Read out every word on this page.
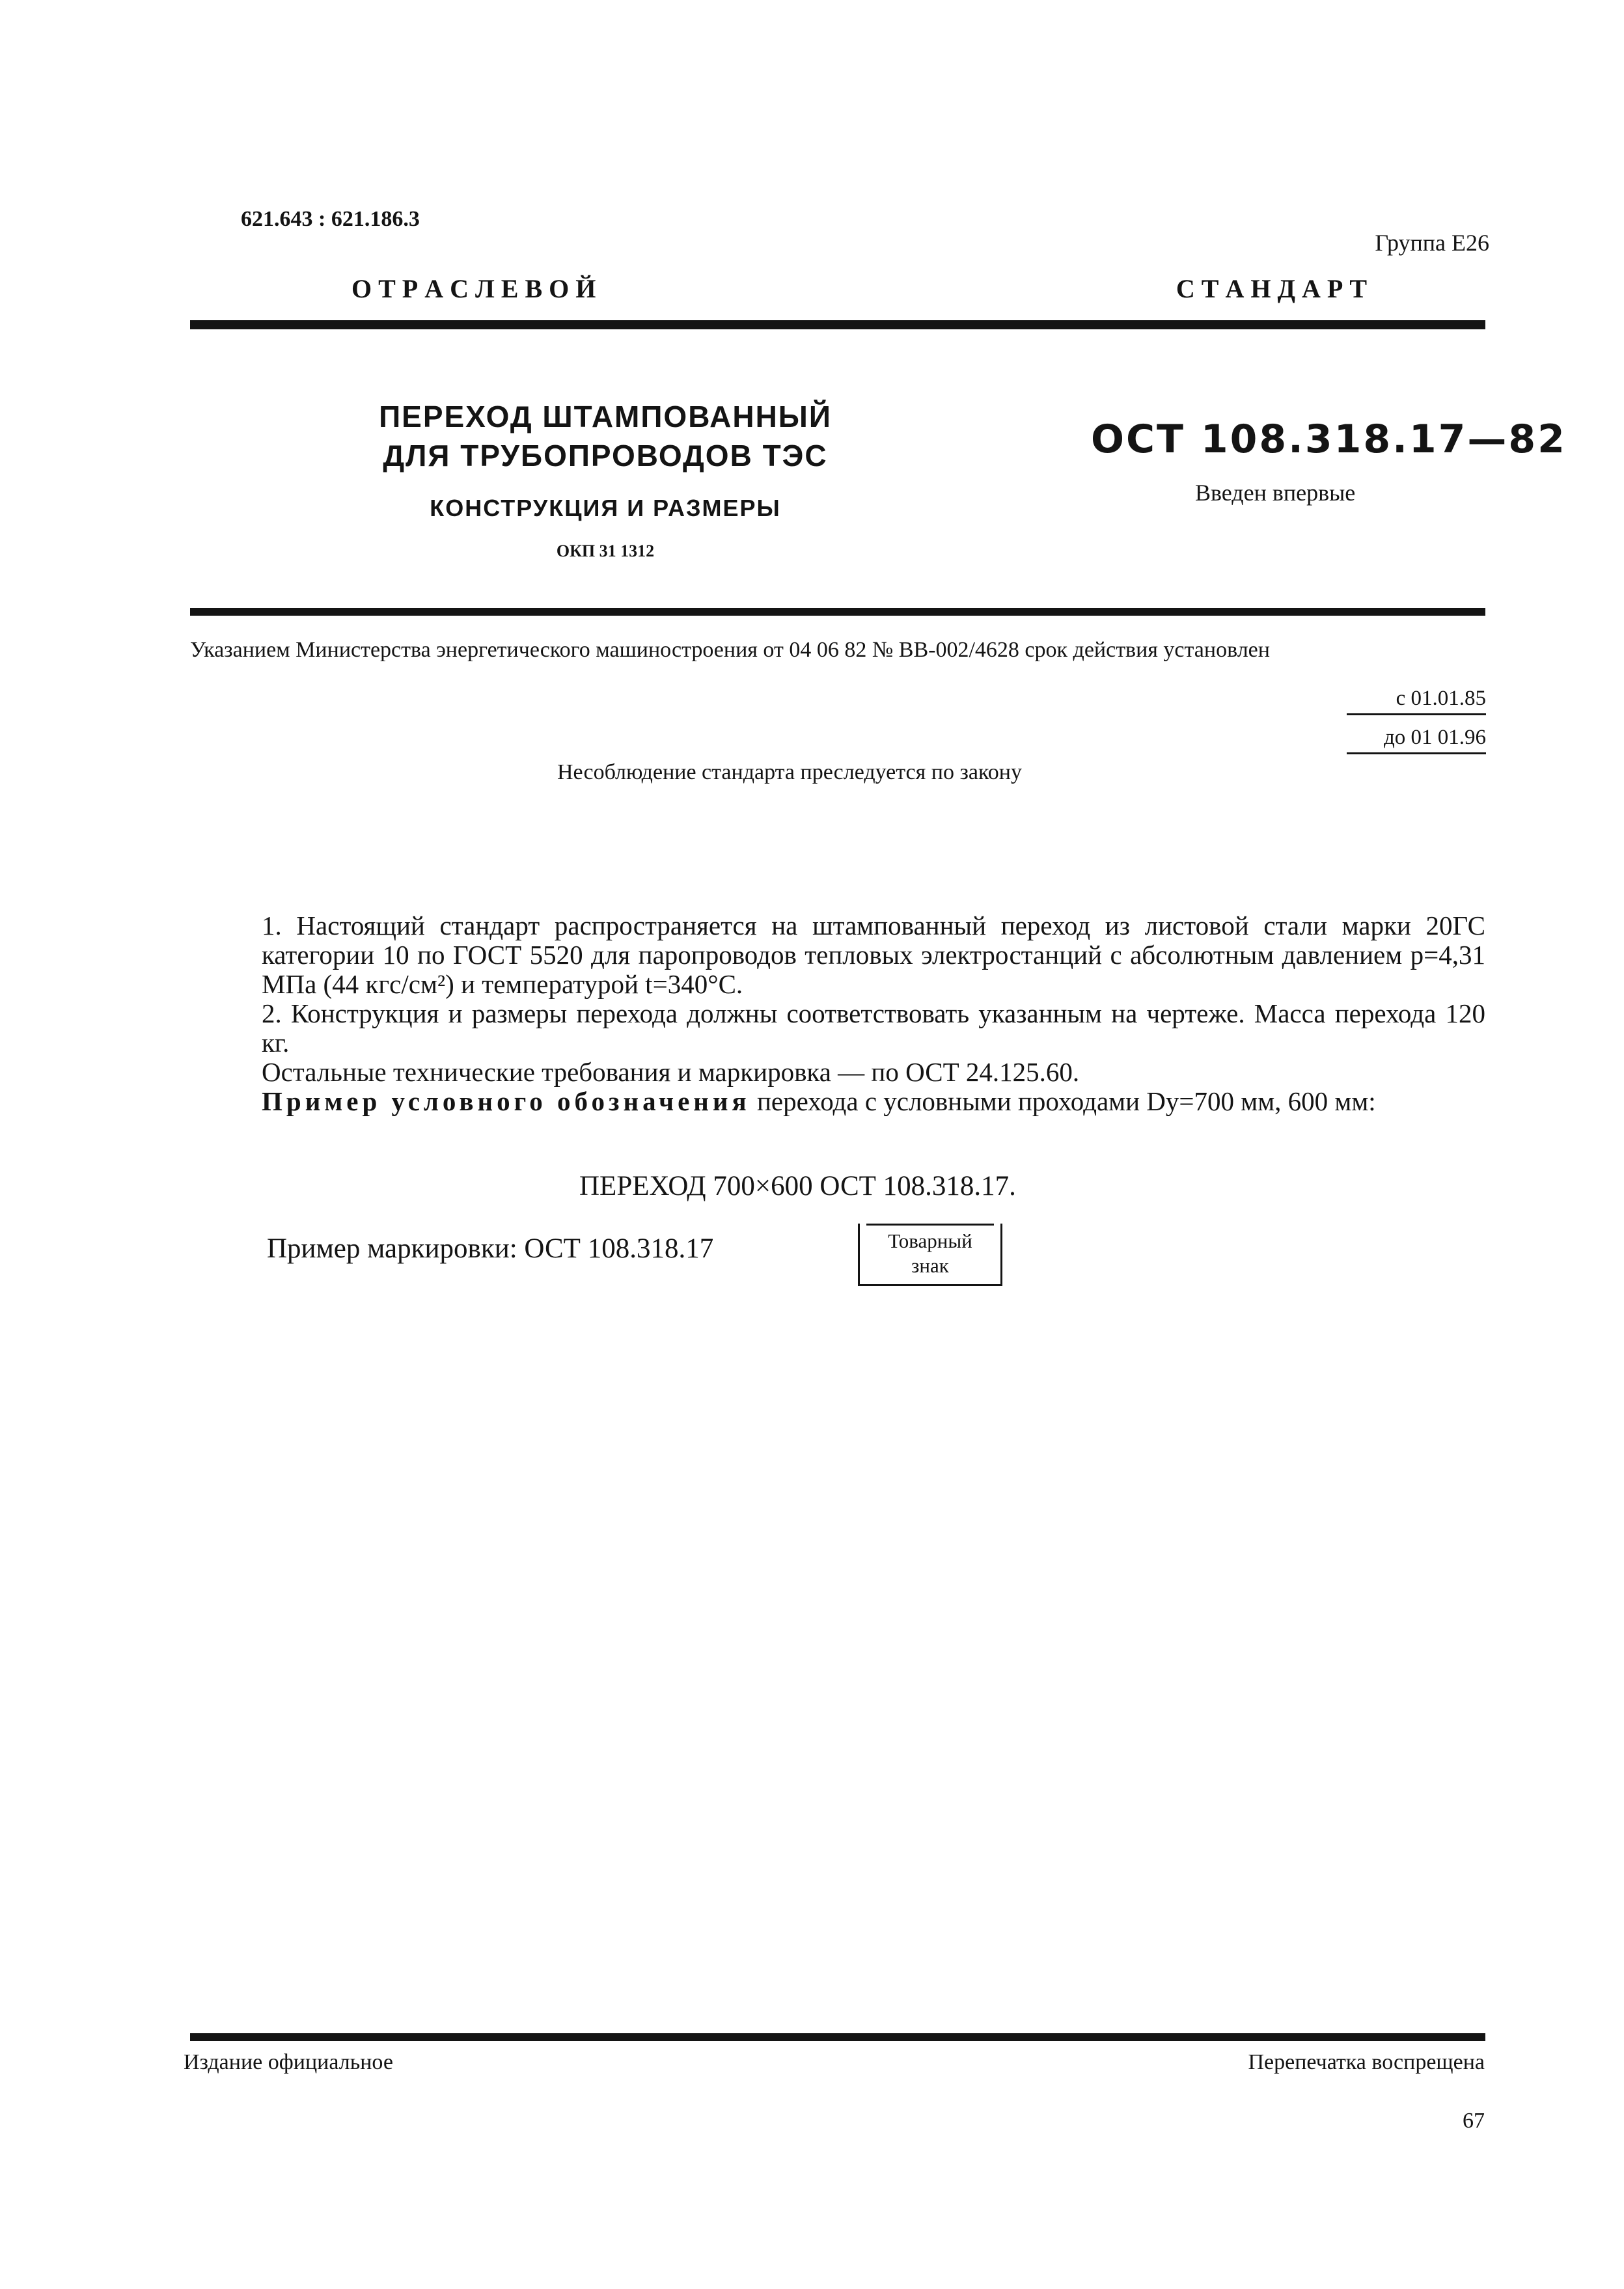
621.643 : 621.186.3
Группа Е26
О Т Р А С Л Е В О Й	С Т А Н Д А Р Т
ПЕРЕХОД ШТАМПОВАННЫЙ
ДЛЯ ТРУБОПРОВОДОВ ТЭС
КОНСТРУКЦИЯ И РАЗМЕРЫ
ОКП 31 1312
ОСТ 108.318.17—82
Введен впервые
Указанием Министерства энергетического машиностроения от 04 06 82 № ВВ-002/4628 срок действия установлен
с 01.01.85
до 01 01.96
Несоблюдение стандарта преследуется по закону

1. Настоящий стандарт распространяется на штампованный переход из листовой стали марки 20ГС категории 10 по ГОСТ 5520 для паропроводов тепловых электростанций с абсолютным давлением p=4,31 МПа (44 кгс/см²) и температурой t=340°С.

2. Конструкция и размеры перехода должны соответствовать указанным на чертеже. Масса перехода 120 кг.

Остальные технические требования и маркировка — по ОСТ 24.125.60.

Пример условного обозначения перехода с условными проходами Dy=700 мм, 600 мм:

ПЕРЕХОД 700×600 ОСТ 108.318.17.
Пример маркировки: ОСТ 108.318.17	Товарный
знак
Издание официальное	Перепечатка воспрещена
67
